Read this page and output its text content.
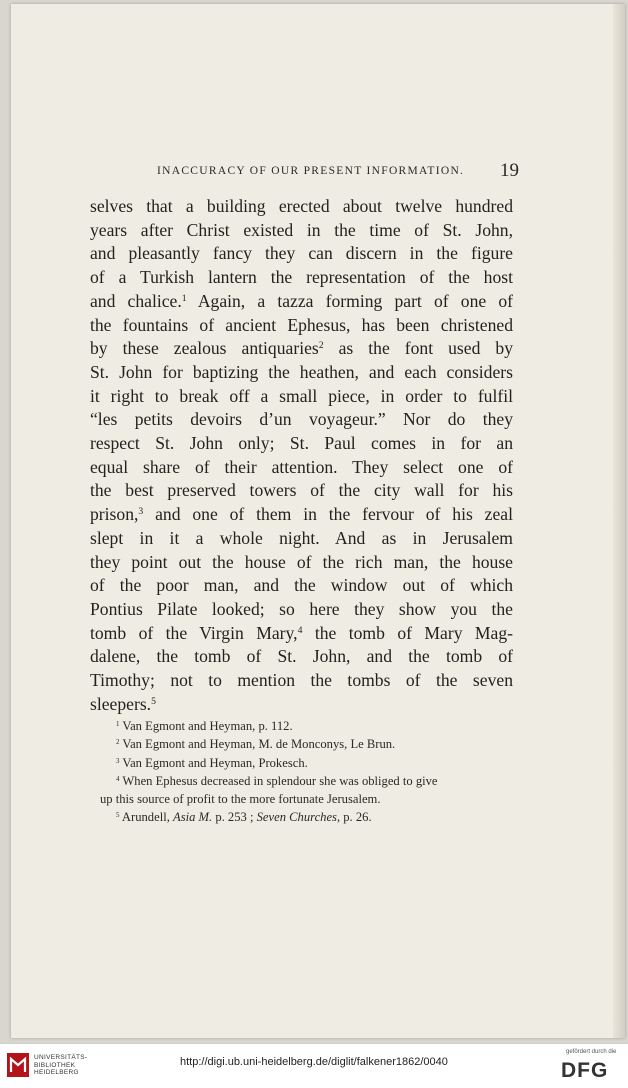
INACCURACY OF OUR PRESENT INFORMATION. 19
selves that a building erected about twelve hundred
years after Christ existed in the time of St. John,
and pleasantly fancy they can discern in the figure
of a Turkish lantern the representation of the host
and chalice.$^1$ Again, a tazza forming part of one of
the fountains of ancient Ephesus, has been christened
by these zealous antiquaries$^2$ as the font used by
St. John for baptizing the heathen, and each considers
it right to break off a small piece, in order to fulfil
“les petits devoirs d’un voyageur.” Nor do they
respect St. John only; St. Paul comes in for an
equal share of their attention. They select one of
the best preserved towers of the city wall for his
prison,$^3$ and one of them in the fervour of his zeal
slept in it a whole night. And as in Jerusalem
they point out the house of the rich man, the house
of the poor man, and the window out of which
Pontius Pilate looked; so here they show you the
tomb of the Virgin Mary,$^4$ the tomb of Mary Mag-
dalene, the tomb of St. John, and the tomb of
Timothy; not to mention the tombs of the seven
sleepers.$^5$
$^1$ Van Egmont and Heyman, p. 112.
$^2$ Van Egmont and Heyman, M. de Monconys, Le Brun.
$^3$ Van Egmont and Heyman, Prokesch.
$^4$ When Ephesus decreased in splendour she was obliged to give
up this source of profit to the more fortunate Jerusalem.
$^5$ Arundell, Asia M. p. 253 ; Seven Churches, p. 26.
UNIVERSITÄTS-
BIBLIOTHEK
HEIDELBERG
http://digi.ub.uni-heidelberg.de/diglit/falkener1862/0040
gefördert durch die
DFG
